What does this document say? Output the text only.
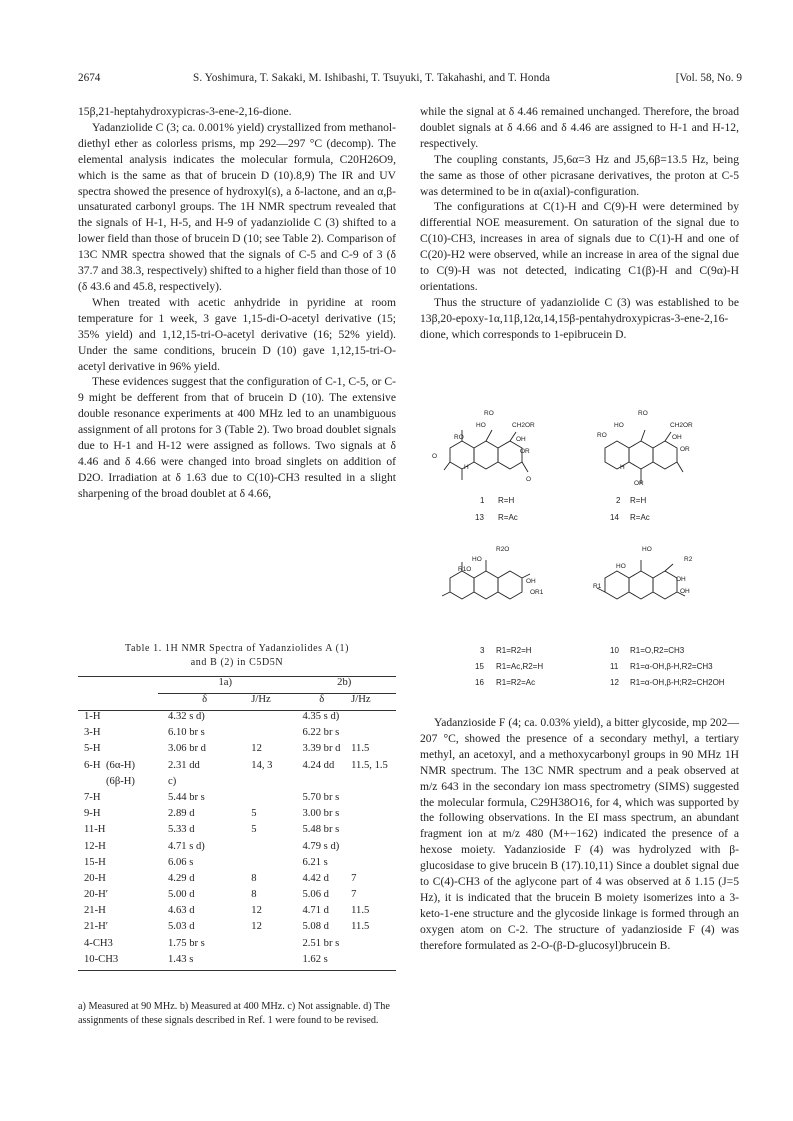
2674	S. Yoshimura, T. Sakaki, M. Ishibashi, T. Tsuyuki, T. Takahashi, and T. Honda	[Vol. 58, No. 9

15β,21-heptahydroxypicras-3-ene-2,16-dione.

Yadanziolide C (3; ca. 0.001% yield) crystallized from methanol-diethyl ether as colorless prisms, mp 292—297 °C (decomp). The elemental analysis indicates the molecular formula, C20H26O9, which is the same as that of brucein D (10).8,9) The IR and UV spectra showed the presence of hydroxyl(s), a δ-lactone, and an α,β-unsaturated carbonyl groups. The 1H NMR spectrum revealed that the signals of H-1, H-5, and H-9 of yadanziolide C (3) shifted to a lower field than those of brucein D (10; see Table 2). Comparison of 13C NMR spectra showed that the signals of C-5 and C-9 of 3 (δ 37.7 and 38.3, respectively) shifted to a higher field than those of 10 (δ 43.6 and 45.8, respectively).

When treated with acetic anhydride in pyridine at room temperature for 1 week, 3 gave 1,15-di-O-acetyl derivative (15; 35% yield) and 1,12,15-tri-O-acetyl derivative (16; 52% yield). Under the same conditions, brucein D (10) gave 1,12,15-tri-O-acetyl derivative in 96% yield.

These evidences suggest that the configuration of C-1, C-5, or C-9 might be defferent from that of brucein D (10). The extensive double resonance experiments at 400 MHz led to an unambiguous assignment of all protons for 3 (Table 2). Two broad doublet signals due to H-1 and H-12 were assigned as follows. Two signals at δ 4.46 and δ 4.66 were changed into broad singlets on addition of D2O. Irradiation at δ 1.63 due to C(10)-CH3 resulted in a slight sharpening of the broad doublet at δ 4.66,

while the signal at δ 4.46 remained unchanged. Therefore, the broad doublet signals at δ 4.66 and δ 4.46 are assigned to H-1 and H-12, respectively.

The coupling constants, J5,6α=3 Hz and J5,6β=13.5 Hz, being the same as those of other picrasane derivatives, the proton at C-5 was determined to be in α(axial)-configuration.

The configurations at C(1)-H and C(9)-H were determined by differential NOE measurement. On saturation of the signal due to C(10)-CH3, increases in area of signals due to C(1)-H and one of C(20)-H2 were observed, while an increase in area of the signal due to C(9)-H was not detected, indicating C1(β)-H and C(9α)-H orientations.

Thus the structure of yadanziolide C (3) was established to be 13β,20-epoxy-1α,11β,12α,14,15β-pentahydroxypicras-3-ene-2,16-dione, which corresponds to 1-epibrucein D.

RO
HO	CH2OR
RO	OH
OR
O
H
O
RO
HO	CH2OR
RO	OH
OR
H
OR
1 R=H
13 R=Ac
2 R=H
14 R=Ac
R2O
HO
R1O
OH
OR1
HO
R2
HO
OH
OH
R1
3 R1=R2=H
15 R1=Ac,R2=H
16 R1=R2=Ac
10 R1=O,R2=CH3
11 R1=α-OH,β-H,R2=CH3
12 R1=α-OH,β-H;R2=CH2OH

Yadanzioside F (4; ca. 0.03% yield), a bitter glycoside, mp 202—207 °C, showed the presence of a secondary methyl, a tertiary methyl, an acetoxyl, and a methoxycarbonyl groups in 90 MHz 1H NMR spectrum. The 13C NMR spectrum and a peak observed at m/z 643 in the secondary ion mass spectrometry (SIMS) suggested the molecular formula, C29H38O16, for 4, which was supported by the following observations. In the EI mass spectrum, an abundant fragment ion at m/z 480 (M+−162) indicated the presence of a hexose moiety. Yadanzioside F (4) was hydrolyzed with β-glucosidase to give brucein B (17).10,11) Since a doublet signal due to C(4)-CH3 of the aglycone part of 4 was observed at δ 1.15 (J=5 Hz), it is indicated that the brucein B moiety isomerizes into a 3-keto-1-ene structure and the glycoside linkage is formed through an oxygen atom on C-2. The structure of yadanzioside F (4) was therefore formulated as 2-O-(β-D-glucosyl)brucein B.

Table 1. 1H NMR Spectra of Yadanziolides A (1)
and B (2) in C5D5N
	1a)		2b)	
	δ	J/Hz	δ	J/Hz
1-H	4.32 s d)		4.35 s d)	
3-H	6.10 br s		6.22 br s	
5-H	3.06 br d	12	3.39 br d	11.5
6-H (6α-H)	2.31 dd	14, 3	4.24 dd	11.5, 1.5

(6β-H)	c)			
7-H	5.44 br s		5.70 br s	
9-H	2.89 d	5	3.00 br s	
11-H	5.33 d	5	5.48 br s	
12-H	4.71 s d)		4.79 s d)	
15-H	6.06 s		6.21 s	
20-H	4.29 d	8	4.42 d	7
20-H′	5.00 d	8	5.06 d	7
21-H	4.63 d	12	4.71 d	11.5
21-H′	5.03 d	12	5.08 d	11.5
4-CH3	1.75 br s		2.51 br s	
10-CH3	1.43 s		1.62 s	
a) Measured at 90 MHz. b) Measured at 400 MHz. c) Not assignable. d) The assignments of these signals described in Ref. 1 were found to be revised.
